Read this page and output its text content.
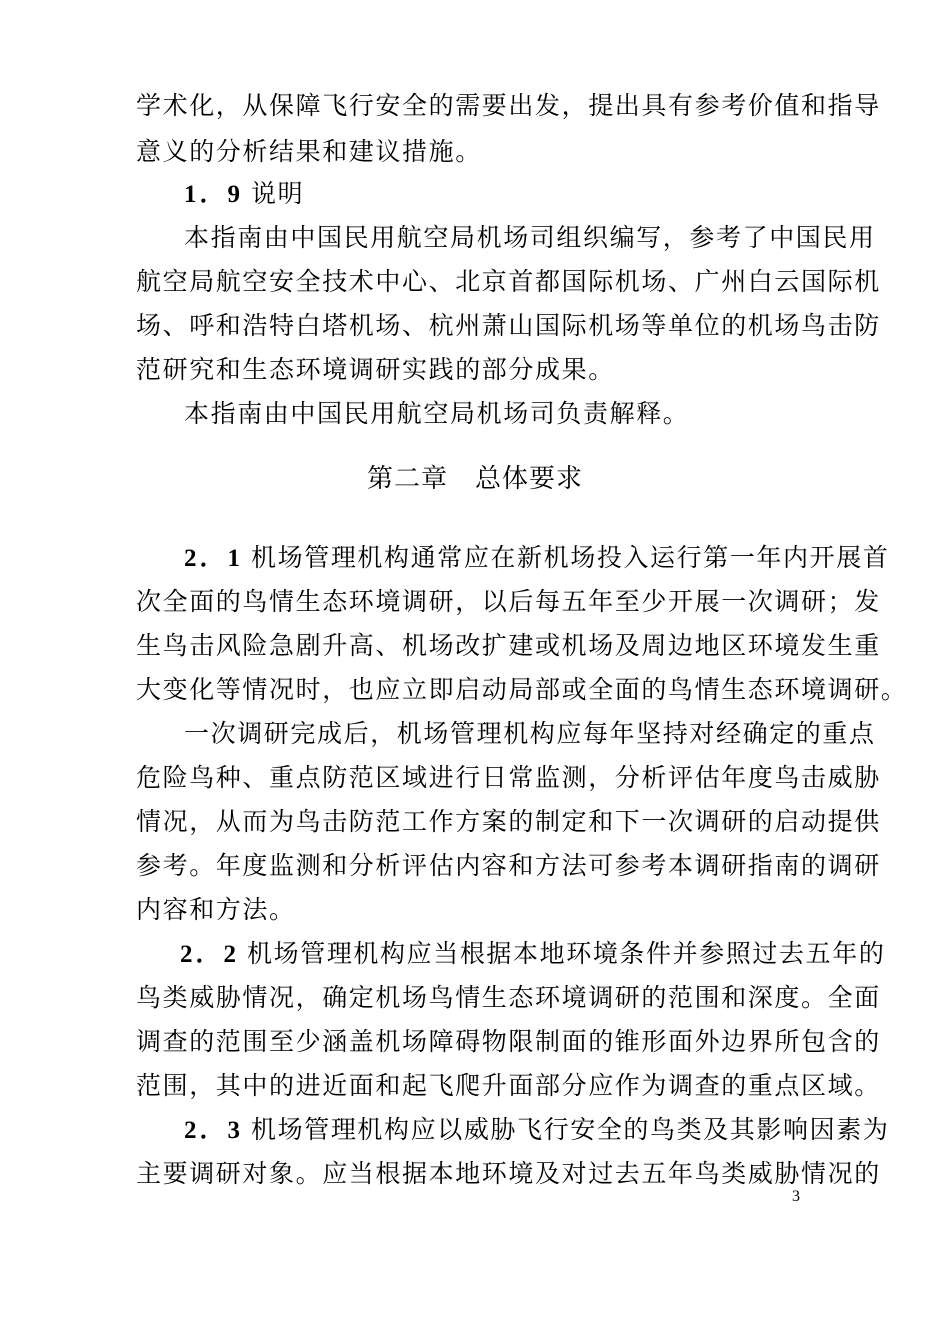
学术化，从保障飞行安全的需要出发，提出具有参考价值和指导
意义的分析结果和建议措施。
1．9 说明
本指南由中国民用航空局机场司组织编写，参考了中国民用
航空局航空安全技术中心、北京首都国际机场、广州白云国际机
场、呼和浩特白塔机场、杭州萧山国际机场等单位的机场鸟击防
范研究和生态环境调研实践的部分成果。
本指南由中国民用航空局机场司负责解释。
第二章　总体要求
2．1 机场管理机构通常应在新机场投入运行第一年内开展首
次全面的鸟情生态环境调研，以后每五年至少开展一次调研；发
生鸟击风险急剧升高、机场改扩建或机场及周边地区环境发生重
大变化等情况时，也应立即启动局部或全面的鸟情生态环境调研。
一次调研完成后，机场管理机构应每年坚持对经确定的重点
危险鸟种、重点防范区域进行日常监测，分析评估年度鸟击威胁
情况，从而为鸟击防范工作方案的制定和下一次调研的启动提供
参考。年度监测和分析评估内容和方法可参考本调研指南的调研
内容和方法。
2．2 机场管理机构应当根据本地环境条件并参照过去五年的
鸟类威胁情况，确定机场鸟情生态环境调研的范围和深度。全面
调查的范围至少涵盖机场障碍物限制面的锥形面外边界所包含的
范围，其中的进近面和起飞爬升面部分应作为调查的重点区域。
2．3 机场管理机构应以威胁飞行安全的鸟类及其影响因素为
主要调研对象。应当根据本地环境及对过去五年鸟类威胁情况的
3
